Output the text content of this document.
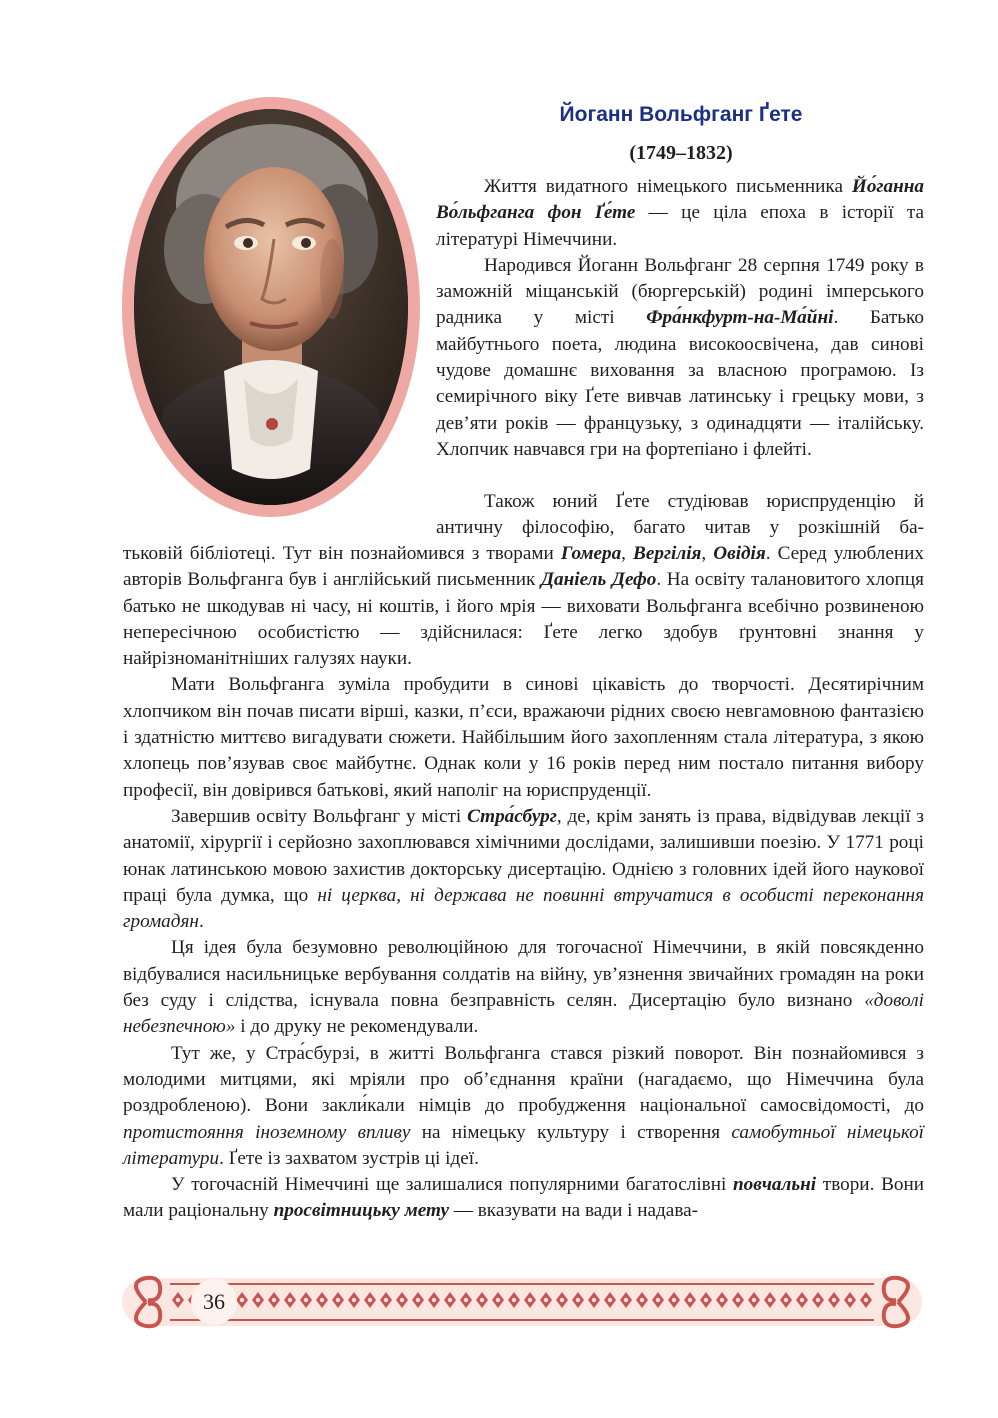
Йоганн Вольфганг Ґете
(1749–1832)

Життя видатного німецького письменника Йо́ганна Во́льфганга фон Ґе́те — це ціла епоха в історії та літературі Німеччини.

Народився Йоганн Вольфганг 28 серпня 1749 року в заможній міщанській (бюргерській) родині імперського радника у місті Фра́нкфурт-на-Ма́йні. Батько майбутнього поета, людина високоосвічена, дав синові чудове домашнє виховання за власною програмою. Із семирічного віку Ґете вивчав латинську і грецьку мови, з дев’яти років — французьку, з одинадцяти — італійську. Хлопчик навчався гри на фортепіано і флейті.

Також юний Ґете студіював юриспруденцію й

античну філософію, багато читав у розкішній ба-

тьковій бібліотеці. Тут він познайомився з творами Гомера, Вергілія, Овідія. Серед улюблених авторів Вольфганга був і англійський письменник Даніель Дефо. На освіту талановитого хлопця батько не шкодував ні часу, ні коштів, і його мрія — виховати Вольфганга всебічно розвиненою непересічною особистістю — здійснилася: Ґете легко здобув ґрунтовні знання у найрізноманітніших галузях науки.

Мати Вольфганга зуміла пробудити в синові цікавість до творчості. Десятирічним хлопчиком він почав писати вірші, казки, п’єси, вражаючи рідних своєю невгамовною фантазією і здатністю миттєво вигадувати сюжети. Найбільшим його захопленням стала література, з якою хлопець пов’язував своє майбутнє. Однак коли у 16 років перед ним постало питання вибору професії, він довірився батькові, який наполіг на юриспруденції.

Завершив освіту Вольфганг у місті Стра́сбург, де, крім занять із права, відвідував лекції з анатомії, хірургії і серйозно захоплювався хімічними дослідами, залишивши поезію. У 1771 році юнак латинською мовою захистив докторську дисертацію. Однією з головних ідей його наукової праці була думка, що ні церква, ні держава не повинні втручатися в особисті переконання громадян.

Ця ідея була безумовно революційною для тогочасної Німеччини, в якій повсякденно відбувалися насильницьке вербування солдатів на війну, ув’язнення звичайних громадян на роки без суду і слідства, існувала повна безправність селян. Дисертацію було визнано «доволі небезпечною» і до друку не рекомендували.

Тут же, у Стра́сбурзі, в житті Вольфганга стався різкий поворот. Він познайомився з молодими митцями, які мріяли про об’єднання країни (нагадаємо, що Німеччина була роздробленою). Вони закли́кали німців до пробудження національної самосвідомості, до протистояння іноземному впливу на німецьку культуру і створення самобутньої німецької літератури. Ґете із захватом зустрів ці ідеї.

У тогочасній Німеччині ще залишалися популярними багатослівні повчальні твори. Вони мали раціональну просвітницьку мету — вказувати на вади і надава-

36
